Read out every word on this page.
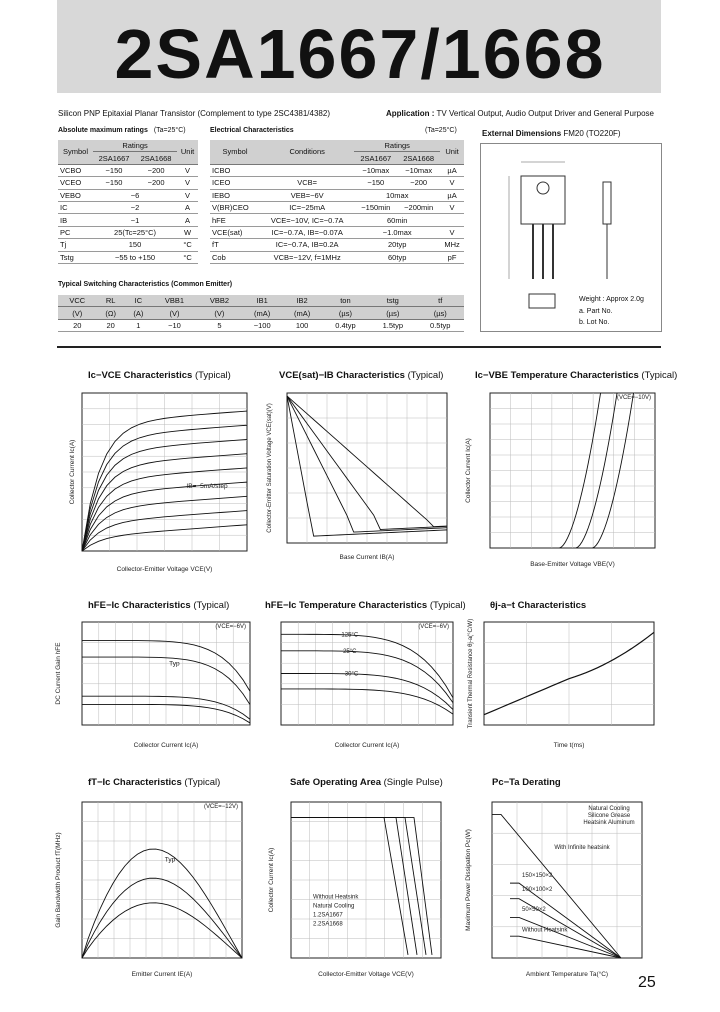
2SA1667/1668
Silicon PNP Epitaxial Planar Transistor (Complement to type 2SC4381/4382)	Application : TV Vertical Output, Audio Output Driver and General Purpose
Absolute maximum ratings (Ta=25°C)
Symbol	Ratings		Unit
	2SA1667	2SA1668	
VCBO	−150	−200	V
VCEO	−150	−200	V
VEBO	−6		V
IC	−2		A
IB	−1		A
PC	25(Tc=25°C)		W
Tj	150		°C
Tstg	−55 to +150		°C
Electrical Characteristics	(Ta=25°C)
Symbol	Conditions	Ratings		Unit
		2SA1667	2SA1668	
ICBO		−10max	−10max	µA
ICEO	VCB=	−150	−200	V
IEBO	VEB=−6V	10max		µA
V(BR)CEO	IC=−25mA	−150min	−200min	V
hFE	VCE=−10V, IC=−0.7A	60min		
VCE(sat)	IC=−0.7A, IB=−0.07A	−1.0max		V
fT	IC=−0.7A, IB=0.2A	20typ		MHz
Cob	VCB=−12V, f=1MHz	60typ		pF
Typical Switching Characteristics (Common Emitter)
VCC	RL	IC	VBB1	VBB2	IB1	IB2	ton	tstg	tf
(V)	(Ω)	(A)	(V)	(V)	(mA)	(mA)	(µs)	(µs)	(µs)
20	20	1	−10	5	−100	100	0.4typ	1.5typ	0.5typ
External Dimensions FM20 (TO220F)
Weight : Approx 2.0g
a. Part No.
b. Lot No.
Ic−VCE Characteristics (Typical)	VCE(sat)−IB Characteristics (Typical)	Ic−VBE Temperature Characteristics (Typical)
hFE−Ic Characteristics (Typical)	hFE−Ic Temperature Characteristics (Typical)	θj-a−t Characteristics
fT−Ic Characteristics (Typical)	Safe Operating Area (Single Pulse)	Pc−Ta Derating
IB=−5mA/step
Collector-Emitter Voltage VCE(V)
Collector Current Ic(A)
Base Current IB(A)
Collector-Emitter Saturation Voltage VCE(sat)(V)
(VCE=−10V)
Base-Emitter Voltage VBE(V)
Collector Current Ic(A)
(VCE=−6V)
Typ
Collector Current Ic(A)
DC Current Gain hFE
(VCE=−6V)
125°C
25°C
−30°C
Collector Current Ic(A)	Time t(ms)
Transient Thermal Resistance θj-a(°C/W)
(VCE=−12V)
Typ
Emitter Current IE(A)
Gain Bandwidth Product fT(MHz)	Without Heatsink
Natural Cooling
1.2SA1667
2.2SA1668
Collector-Emitter Voltage VCE(V)
Collector Current Ic(A)
Natural Cooling
Silicone Grease
Heatsink Aluminum
With Infinite heatsink
150×150×2
100×100×2
50×50×2
Without Heatsink
Ambient Temperature Ta(°C)
Maximum Power Dissipation Pc(W)
25
